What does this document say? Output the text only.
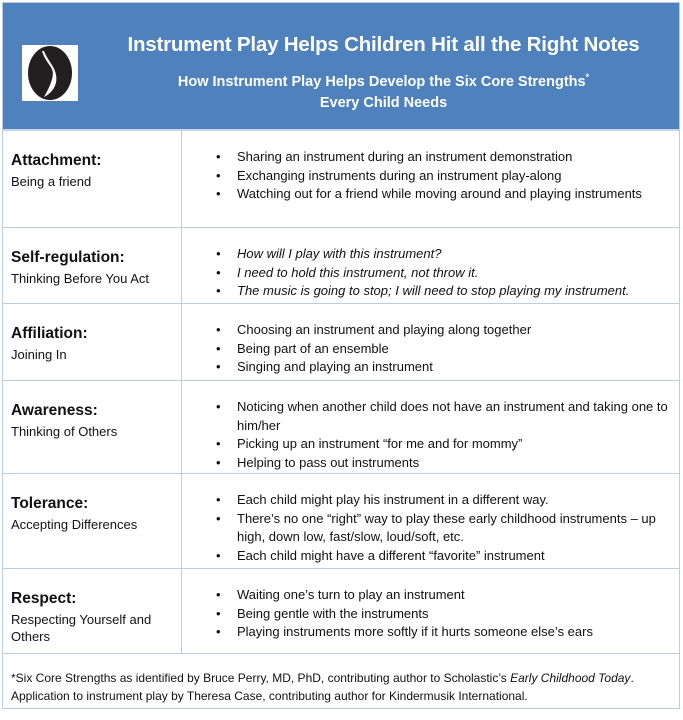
Instrument Play Helps Children Hit all the Right Notes
How Instrument Play Helps Develop the Six Core Strengths*
Every Child Needs
Attachment:
Being a friend
• Sharing an instrument during an instrument demonstration
• Exchanging instruments during an instrument play-along
• Watching out for a friend while moving around and playing instruments
Self-regulation:
Thinking Before You Act
• How will I play with this instrument?
• I need to hold this instrument, not throw it.
• The music is going to stop; I will need to stop playing my instrument.
Affiliation:
Joining In
• Choosing an instrument and playing along together
• Being part of an ensemble
• Singing and playing an instrument
Awareness:
Thinking of Others
• Noticing when another child does not have an instrument and taking one to him/her
• Picking up an instrument “for me and for mommy”
• Helping to pass out instruments
Tolerance:
Accepting Differences
• Each child might play his instrument in a different way.
• There’s no one “right” way to play these early childhood instruments – up high, down low, fast/slow, loud/soft, etc.
• Each child might have a different “favorite” instrument
Respect:
Respecting Yourself and Others
• Waiting one’s turn to play an instrument
• Being gentle with the instruments
• Playing instruments more softly if it hurts someone else’s ears
*Six Core Strengths as identified by Bruce Perry, MD, PhD, contributing author to Scholastic’s Early Childhood Today.
Application to instrument play by Theresa Case, contributing author for Kindermusik International.
